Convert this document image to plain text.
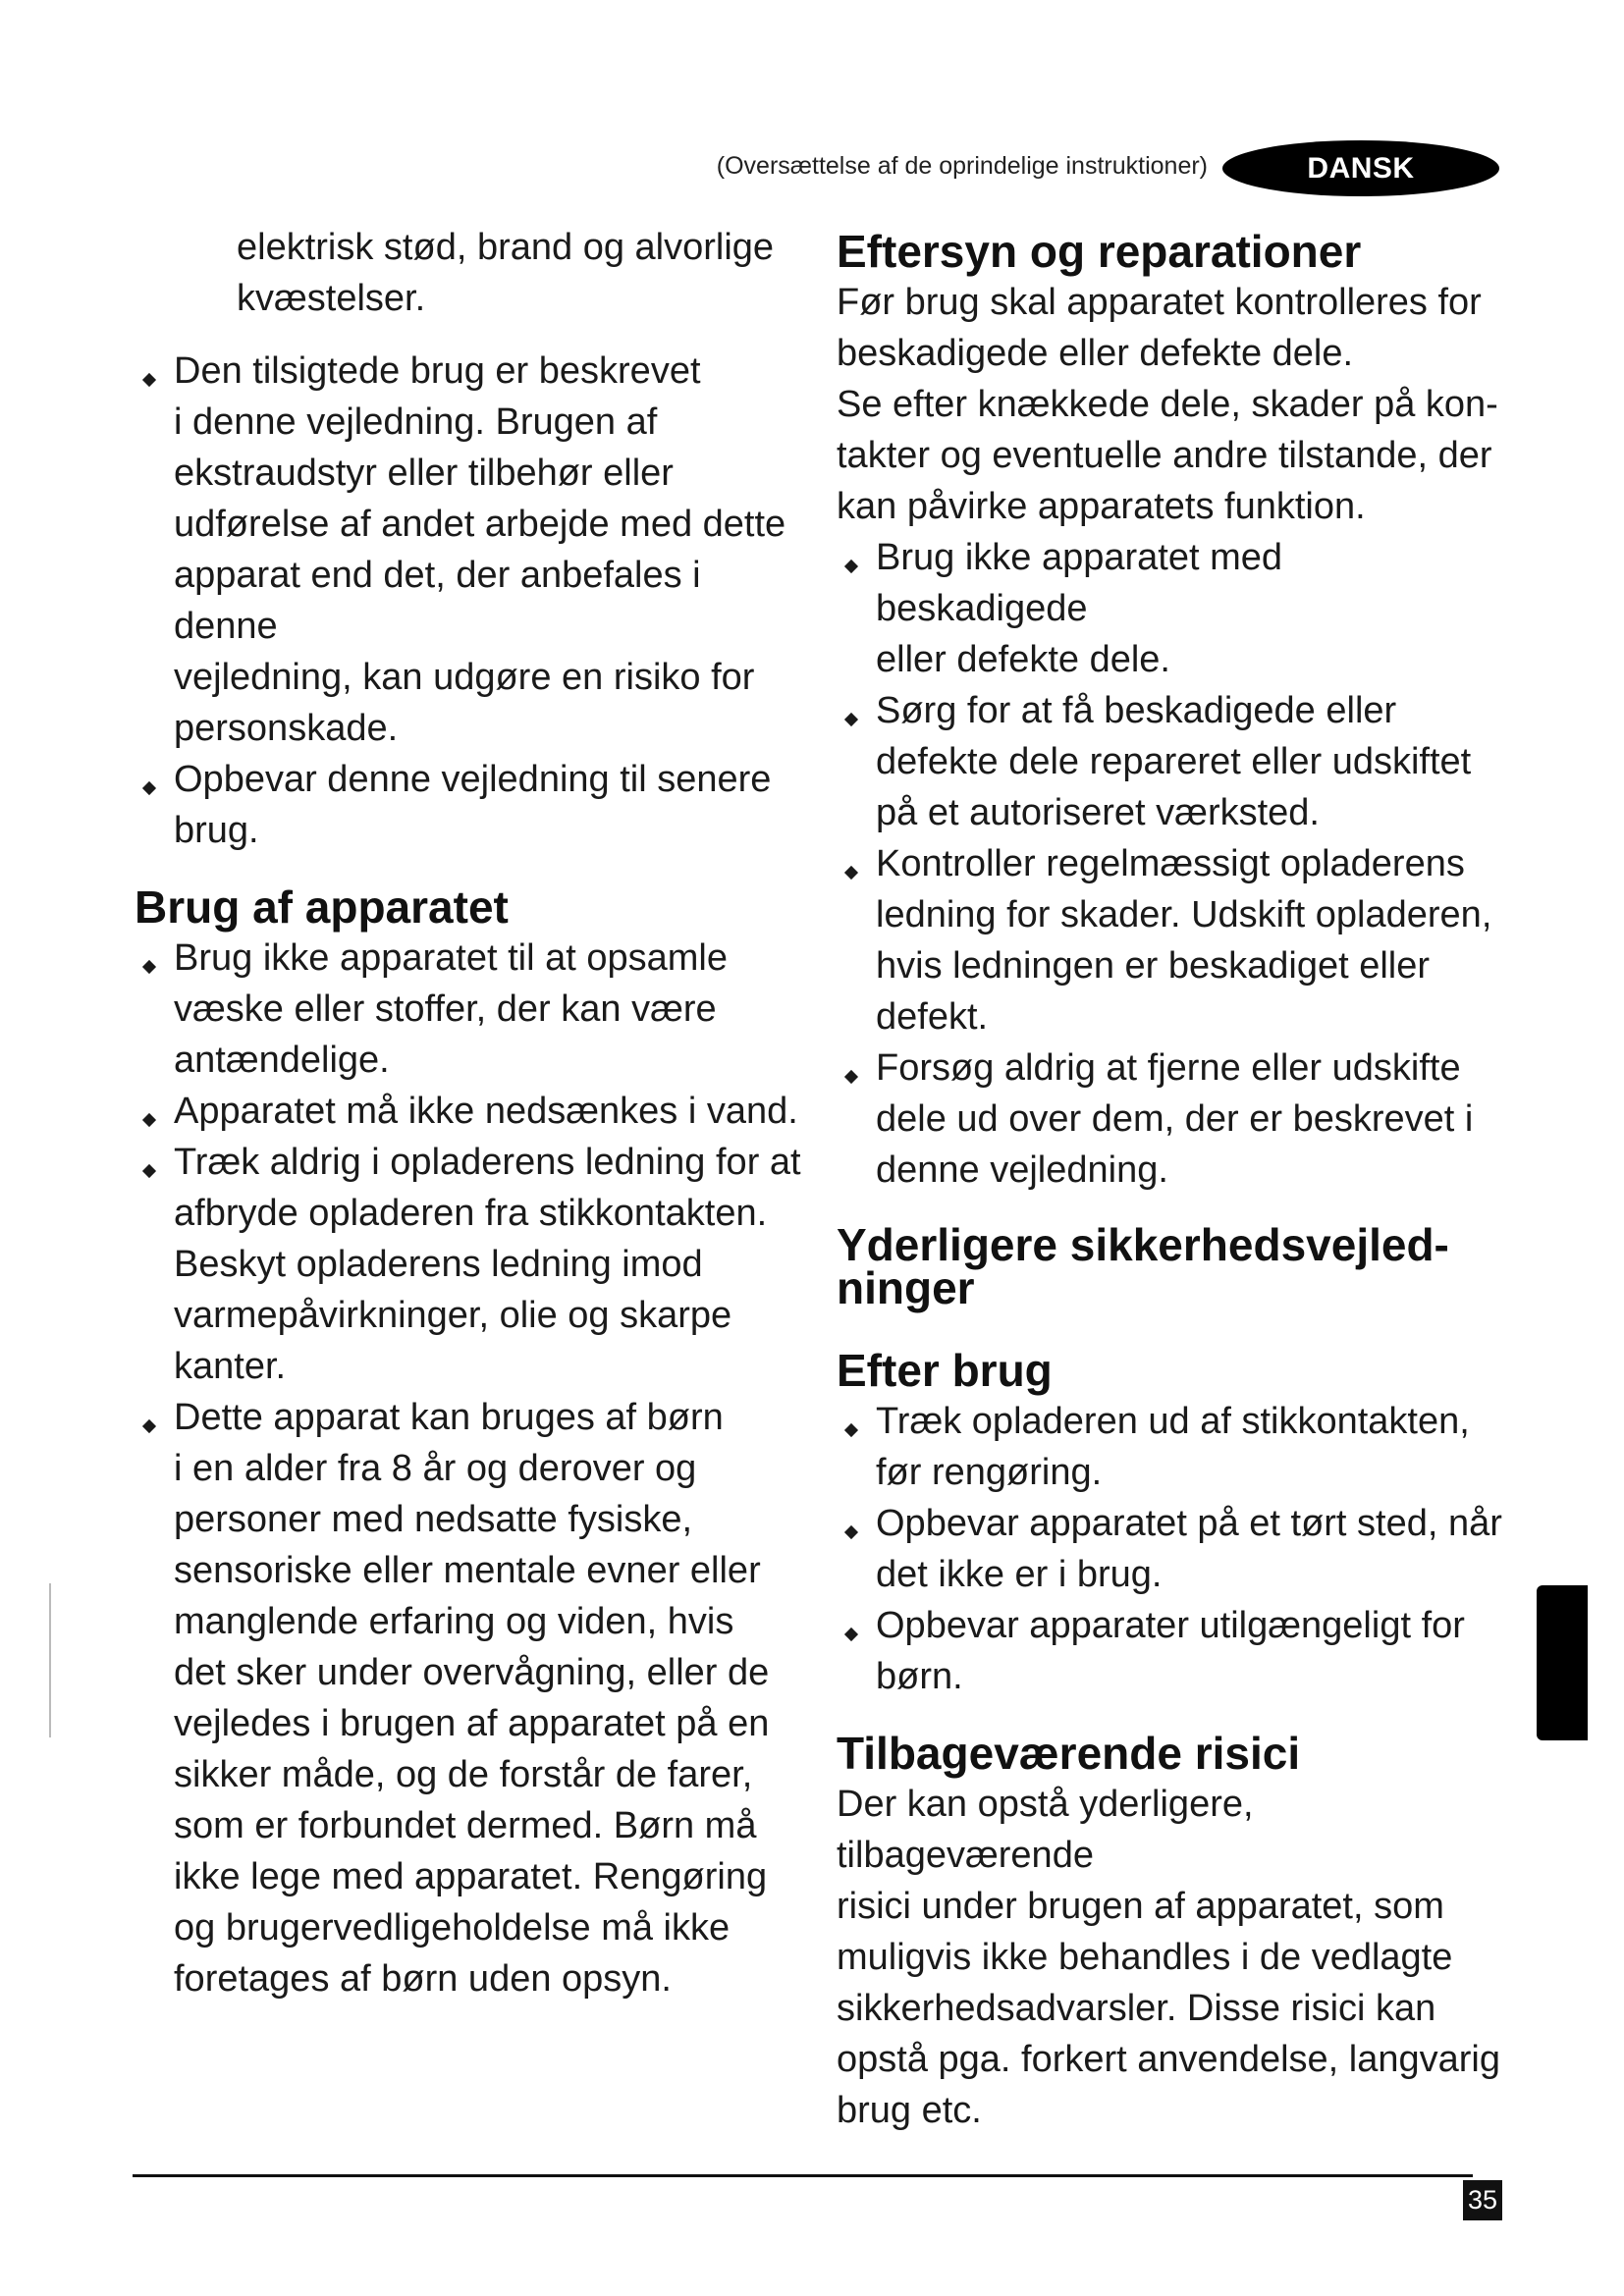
(Oversættelse af de oprindelige instruktioner)	DANSK

elektrisk stød, brand og alvorlige
kvæstelser.

Den tilsigtede brug er beskrevet
i denne vejledning. Brugen af
ekstraudstyr eller tilbehør eller
udførelse af andet arbejde med dette
apparat end det, der anbefales i denne
vejledning, kan udgøre en risiko for
personskade.
Opbevar denne vejledning til senere
brug.
Brug af apparatet
Brug ikke apparatet til at opsamle
væske eller stoffer, der kan være
antændelige.
Apparatet må ikke nedsænkes i vand.
Træk aldrig i opladerens ledning for at
afbryde opladeren fra stikkontakten.
Beskyt opladerens ledning imod
varmepåvirkninger, olie og skarpe
kanter.
Dette apparat kan bruges af børn
i en alder fra 8 år og derover og
personer med nedsatte fysiske,
sensoriske eller mentale evner eller
manglende erfaring og viden, hvis
det sker under overvågning, eller de
vejledes i brugen af apparatet på en
sikker måde, og de forstår de farer,
som er forbundet dermed. Børn må
ikke lege med apparatet. Rengøring
og brugervedligeholdelse må ikke
foretages af børn uden opsyn.
Eftersyn og reparationer

Før brug skal apparatet kontrolleres for
beskadigede eller defekte dele.
Se efter knækkede dele, skader på kon-
takter og eventuelle andre tilstande, der
kan påvirke apparatets funktion.

Brug ikke apparatet med beskadigede
eller defekte dele.
Sørg for at få beskadigede eller
defekte dele repareret eller udskiftet
på et autoriseret værksted.
Kontroller regelmæssigt opladerens
ledning for skader. Udskift opladeren,
hvis ledningen er beskadiget eller
defekt.
Forsøg aldrig at fjerne eller udskifte
dele ud over dem, der er beskrevet i
denne vejledning.
Yderligere sikkerhedsvejled-
ninger
Efter brug
Træk opladeren ud af stikkontakten,
før rengøring.
Opbevar apparatet på et tørt sted, når
det ikke er i brug.
Opbevar apparater utilgængeligt for
børn.
Tilbageværende risici

Der kan opstå yderligere, tilbageværende
risici under brugen af apparatet, som
muligvis ikke behandles i de vedlagte
sikkerhedsadvarsler. Disse risici kan
opstå pga. forkert anvendelse, langvarig
brug etc.

35
